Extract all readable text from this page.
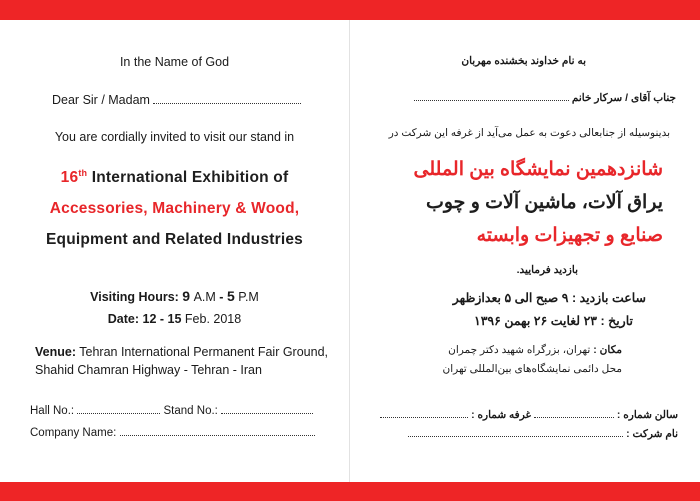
In the Name of God
Dear Sir / Madam
You are cordially invited to visit our stand in
16th International Exhibition of
Accessories, Machinery & Wood,
Equipment and Related Industries
Visiting Hours: 9 A.M - 5 P.M
Date: 12 - 15 Feb. 2018
Venue: Tehran International Permanent Fair Ground,
Shahid Chamran Highway - Tehran - Iran
Hall No.:	Stand No.:
Company Name:
به نام خداوند بخشنده مهربان
جناب آقای / سرکار خانم
بدینوسیله از جنابعالی دعوت به عمل می‌آید از غرفه این شرکت در
شانزدهمین نمایشگاه بین المللی
یراق آلات، ماشین آلات و چوب
صنایع و تجهیزات وابسته
بازدید فرمایید.
ساعت بازدید : ۹ صبح الی ۵ بعدازظهر
تاریخ : ۲۳ لغایت ۲۶ بهمن ۱۳۹۶
مکان : تهران، بزرگراه شهید دکتر چمران
محل دائمی نمایشگاه‌های بین‌المللی تهران
سالن شماره :  غرفه شماره :
نام شرکت :
